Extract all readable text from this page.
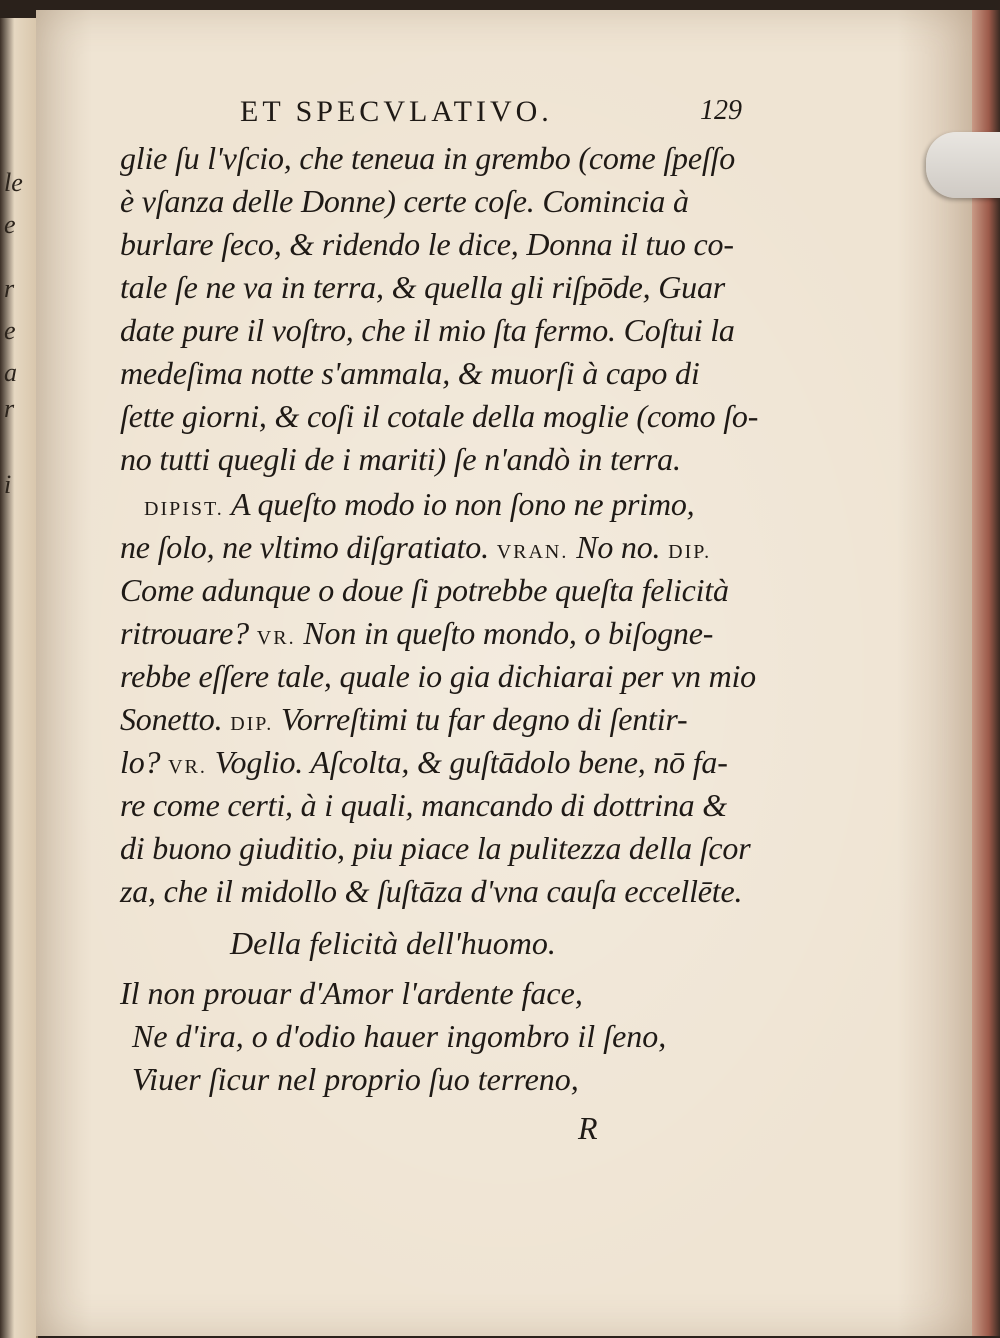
le
e
r
e
a
r
i
ET SPECVLATIVO.	129
glie ſu l'vſcio, che teneua in grembo (come ſpeſſo
è vſanza delle Donne) certe coſe. Comincia à
burlare ſeco, & ridendo le dice, Donna il tuo co-
tale ſe ne va in terra, & quella gli riſpōde, Guar
date pure il voſtro, che il mio ſta fermo. Coſtui la
medeſima notte s'ammala, & muorſi à capo di
ſette giorni, & coſi il cotale della moglie (como ſo-
no tutti quegli de i mariti) ſe n'andò in terra.
DIPIST. A queſto modo io non ſono ne primo,
ne ſolo, ne vltimo diſgratiato. VRAN. No no. DIP.
Come adunque o doue ſi potrebbe queſta felicità
ritrouare? VR. Non in queſto mondo, o biſogne-
rebbe eſſere tale, quale io gia dichiarai per vn mio
Sonetto. DIP. Vorreſtimi tu far degno di ſentir-
lo? VR. Voglio. Aſcolta, & guſtādolo bene, nō fa-
re come certi, à i quali, mancando di dottrina &
di buono giuditio, piu piace la pulitezza della ſcor
za, che il midollo & ſuſtāza d'vna cauſa eccellēte.
Della felicità dell'huomo.
Il non prouar d'Amor l'ardente face,
Ne d'ira, o d'odio hauer ingombro il ſeno,
Viuer ſicur nel proprio ſuo terreno,
R
